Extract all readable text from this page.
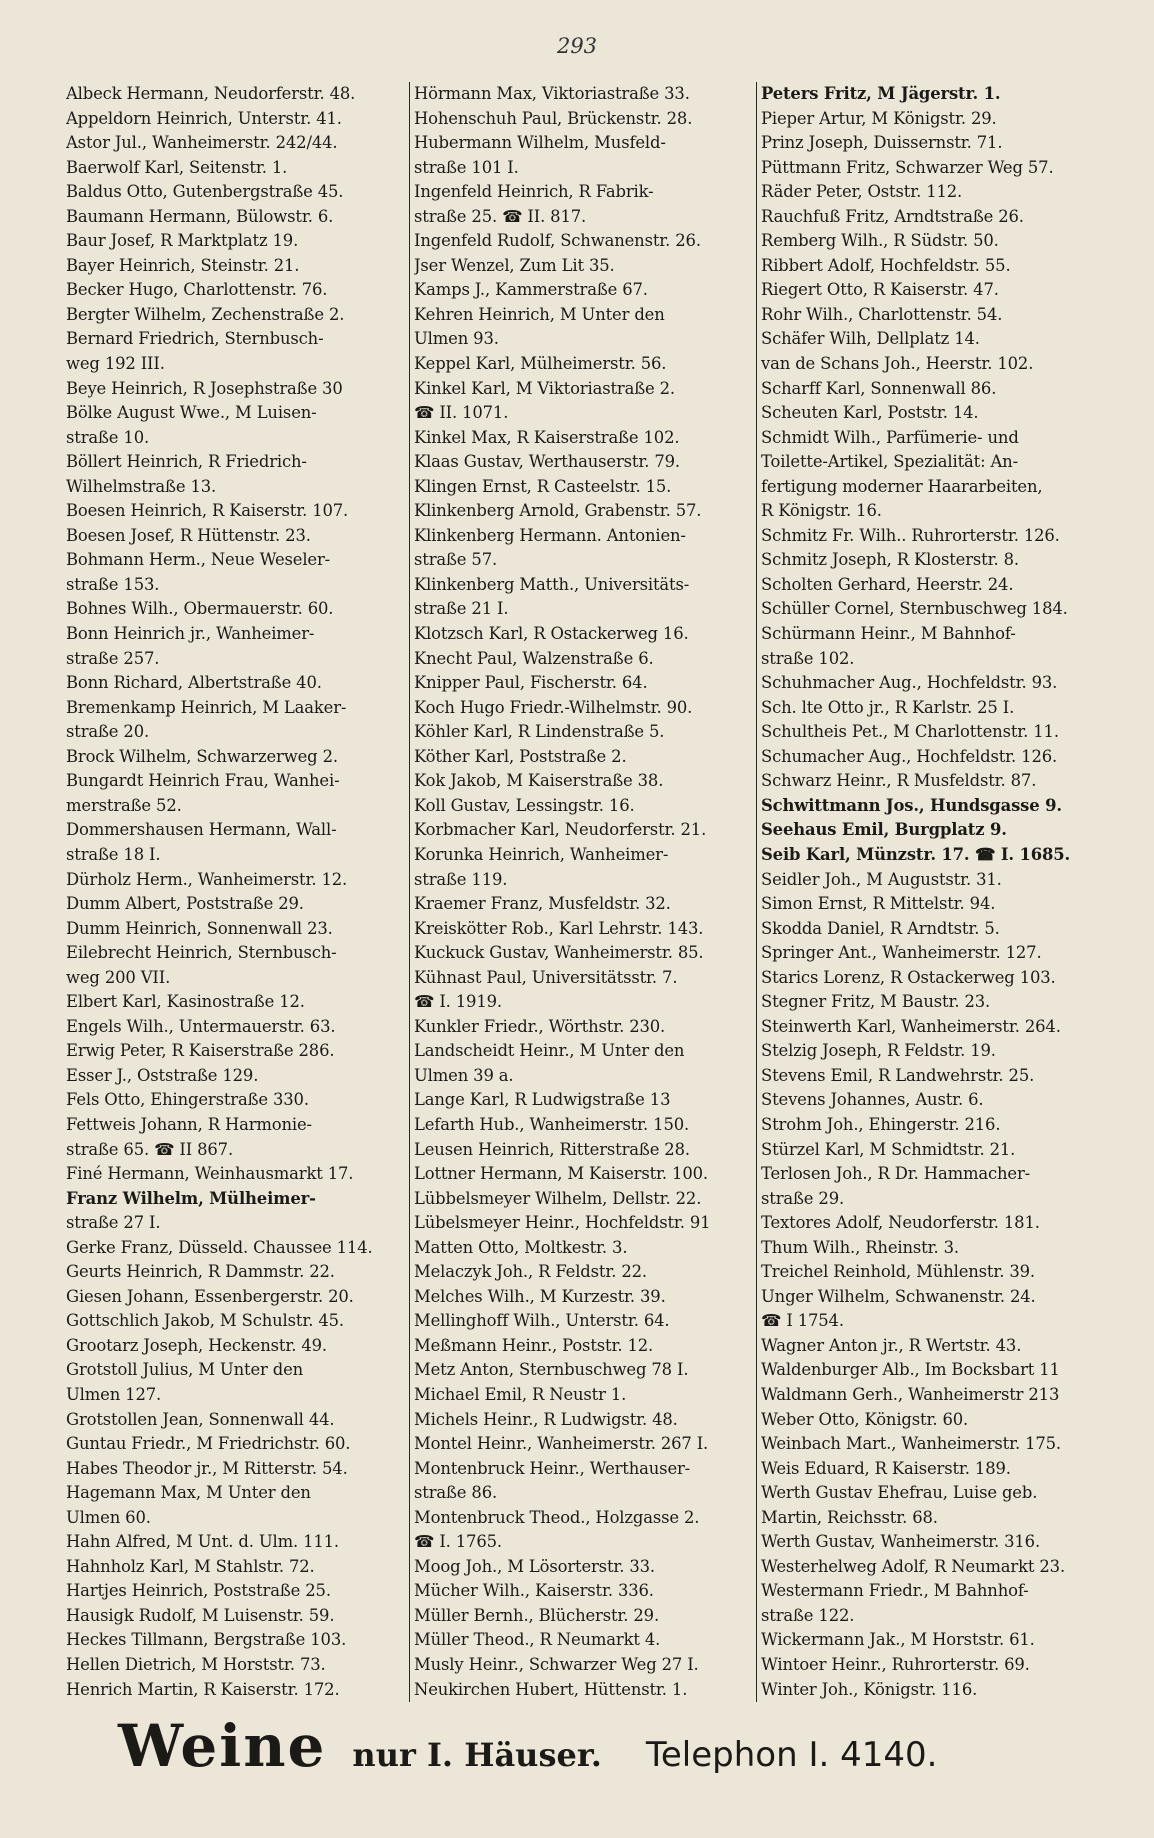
293
Albeck Hermann, Neudorferstr. 48.
Appeldorn Heinrich, Unterstr. 41.
Astor Jul., Wanheimerstr. 242/44.
Baerwolf Karl, Seitenstr. 1.
Baldus Otto, Gutenbergstraße 45.
Baumann Hermann, Bülowstr. 6.
Baur Josef, R Marktplatz 19.
Bayer Heinrich, Steinstr. 21.
Becker Hugo, Charlottenstr. 76.
Bergter Wilhelm, Zechenstraße 2.
Bernard Friedrich, Sternbusch-
weg 192 III.
Beye Heinrich, R Josephstraße 30
Bölke August Wwe., M Luisen-
straße 10.
Böllert Heinrich, R Friedrich-
Wilhelmstraße 13.
Boesen Heinrich, R Kaiserstr. 107.
Boesen Josef, R Hüttenstr. 23.
Bohmann Herm., Neue Weseler-
straße 153.
Bohnes Wilh., Obermauerstr. 60.
Bonn Heinrich jr., Wanheimer-
straße 257.
Bonn Richard, Albertstraße 40.
Bremenkamp Heinrich, M Laaker-
straße 20.
Brock Wilhelm, Schwarzerweg 2.
Bungardt Heinrich Frau, Wanhei-
merstraße 52.
Dommershausen Hermann, Wall-
straße 18 I.
Dürholz Herm., Wanheimerstr. 12.
Dumm Albert, Poststraße 29.
Dumm Heinrich, Sonnenwall 23.
Eilebrecht Heinrich, Sternbusch-
weg 200 VII.
Elbert Karl, Kasinostraße 12.
Engels Wilh., Untermauerstr. 63.
Erwig Peter, R Kaiserstraße 286.
Esser J., Oststraße 129.
Fels Otto, Ehingerstraße 330.
Fettweis Johann, R Harmonie-
straße 65. ☎ II 867.
Finé Hermann, Weinhausmarkt 17.
Franz Wilhelm, Mülheimer-
straße 27 I.
Gerke Franz, Düsseld. Chaussee 114.
Geurts Heinrich, R Dammstr. 22.
Giesen Johann, Essenbergerstr. 20.
Gottschlich Jakob, M Schulstr. 45.
Grootarz Joseph, Heckenstr. 49.
Grotstoll Julius, M Unter den
Ulmen 127.
Grotstollen Jean, Sonnenwall 44.
Guntau Friedr., M Friedrichstr. 60.
Habes Theodor jr., M Ritterstr. 54.
Hagemann Max, M Unter den
Ulmen 60.
Hahn Alfred, M Unt. d. Ulm. 111.
Hahnholz Karl, M Stahlstr. 72.
Hartjes Heinrich, Poststraße 25.
Hausigk Rudolf, M Luisenstr. 59.
Heckes Tillmann, Bergstraße 103.
Hellen Dietrich, M Horststr. 73.
Henrich Martin, R Kaiserstr. 172.
Hörmann Max, Viktoriastraße 33.
Hohenschuh Paul, Brückenstr. 28.
Hubermann Wilhelm, Musfeld-
straße 101 I.
Ingenfeld Heinrich, R Fabrik-
straße 25. ☎ II. 817.
Ingenfeld Rudolf, Schwanenstr. 26.
Jser Wenzel, Zum Lit 35.
Kamps J., Kammerstraße 67.
Kehren Heinrich, M Unter den
Ulmen 93.
Keppel Karl, Mülheimerstr. 56.
Kinkel Karl, M Viktoriastraße 2.
☎ II. 1071.
Kinkel Max, R Kaiserstraße 102.
Klaas Gustav, Werthauserstr. 79.
Klingen Ernst, R Casteelstr. 15.
Klinkenberg Arnold, Grabenstr. 57.
Klinkenberg Hermann. Antonien-
straße 57.
Klinkenberg Matth., Universitäts-
straße 21 I.
Klotzsch Karl, R Ostackerweg 16.
Knecht Paul, Walzenstraße 6.
Knipper Paul, Fischerstr. 64.
Koch Hugo Friedr.-Wilhelmstr. 90.
Köhler Karl, R Lindenstraße 5.
Köther Karl, Poststraße 2.
Kok Jakob, M Kaiserstraße 38.
Koll Gustav, Lessingstr. 16.
Korbmacher Karl, Neudorferstr. 21.
Korunka Heinrich, Wanheimer-
straße 119.
Kraemer Franz, Musfeldstr. 32.
Kreiskötter Rob., Karl Lehrstr. 143.
Kuckuck Gustav, Wanheimerstr. 85.
Kühnast Paul, Universitätsstr. 7.
☎ I. 1919.
Kunkler Friedr., Wörthstr. 230.
Landscheidt Heinr., M Unter den
Ulmen 39 a.
Lange Karl, R Ludwigstraße 13
Lefarth Hub., Wanheimerstr. 150.
Leusen Heinrich, Ritterstraße 28.
Lottner Hermann, M Kaiserstr. 100.
Lübbelsmeyer Wilhelm, Dellstr. 22.
Lübelsmeyer Heinr., Hochfeldstr. 91
Matten Otto, Moltkestr. 3.
Melaczyk Joh., R Feldstr. 22.
Melches Wilh., M Kurzestr. 39.
Mellinghoff Wilh., Unterstr. 64.
Meßmann Heinr., Poststr. 12.
Metz Anton, Sternbuschweg 78 I.
Michael Emil, R Neustr 1.
Michels Heinr., R Ludwigstr. 48.
Montel Heinr., Wanheimerstr. 267 I.
Montenbruck Heinr., Werthauser-
straße 86.
Montenbruck Theod., Holzgasse 2.
☎ I. 1765.
Moog Joh., M Lösorterstr. 33.
Mücher Wilh., Kaiserstr. 336.
Müller Bernh., Blücherstr. 29.
Müller Theod., R Neumarkt 4.
Musly Heinr., Schwarzer Weg 27 I.
Neukirchen Hubert, Hüttenstr. 1.
Peters Fritz, M Jägerstr. 1.
Pieper Artur, M Königstr. 29.
Prinz Joseph, Duissernstr. 71.
Püttmann Fritz, Schwarzer Weg 57.
Räder Peter, Oststr. 112.
Rauchfuß Fritz, Arndtstraße 26.
Remberg Wilh., R Südstr. 50.
Ribbert Adolf, Hochfeldstr. 55.
Riegert Otto, R Kaiserstr. 47.
Rohr Wilh., Charlottenstr. 54.
Schäfer Wilh, Dellplatz 14.
van de Schans Joh., Heerstr. 102.
Scharff Karl, Sonnenwall 86.
Scheuten Karl, Poststr. 14.
Schmidt Wilh., Parfümerie- und
Toilette-Artikel, Spezialität: An-
fertigung moderner Haararbeiten,
R Königstr. 16.
Schmitz Fr. Wilh.. Ruhrorterstr. 126.
Schmitz Joseph, R Klosterstr. 8.
Scholten Gerhard, Heerstr. 24.
Schüller Cornel, Sternbuschweg 184.
Schürmann Heinr., M Bahnhof-
straße 102.
Schuhmacher Aug., Hochfeldstr. 93.
Sch. lte Otto jr., R Karlstr. 25 I.
Schultheis Pet., M Charlottenstr. 11.
Schumacher Aug., Hochfeldstr. 126.
Schwarz Heinr., R Musfeldstr. 87.
Schwittmann Jos., Hundsgasse 9.
Seehaus Emil, Burgplatz 9.
Seib Karl, Münzstr. 17. ☎ I. 1685.
Seidler Joh., M Auguststr. 31.
Simon Ernst, R Mittelstr. 94.
Skodda Daniel, R Arndtstr. 5.
Springer Ant., Wanheimerstr. 127.
Starics Lorenz, R Ostackerweg 103.
Stegner Fritz, M Baustr. 23.
Steinwerth Karl, Wanheimerstr. 264.
Stelzig Joseph, R Feldstr. 19.
Stevens Emil, R Landwehrstr. 25.
Stevens Johannes, Austr. 6.
Strohm Joh., Ehingerstr. 216.
Stürzel Karl, M Schmidtstr. 21.
Terlosen Joh., R Dr. Hammacher-
straße 29.
Textores Adolf, Neudorferstr. 181.
Thum Wilh., Rheinstr. 3.
Treichel Reinhold, Mühlenstr. 39.
Unger Wilhelm, Schwanenstr. 24.
☎ I 1754.
Wagner Anton jr., R Wertstr. 43.
Waldenburger Alb., Im Bocksbart 11
Waldmann Gerh., Wanheimerstr 213
Weber Otto, Königstr. 60.
Weinbach Mart., Wanheimerstr. 175.
Weis Eduard, R Kaiserstr. 189.
Werth Gustav Ehefrau, Luise geb.
Martin, Reichsstr. 68.
Werth Gustav, Wanheimerstr. 316.
Westerhelweg Adolf, R Neumarkt 23.
Westermann Friedr., M Bahnhof-
straße 122.
Wickermann Jak., M Horststr. 61.
Wintoer Heinr., Ruhrorterstr. 69.
Winter Joh., Königstr. 116.
Weine nur I. Häuser. Telephon I. 4140.
